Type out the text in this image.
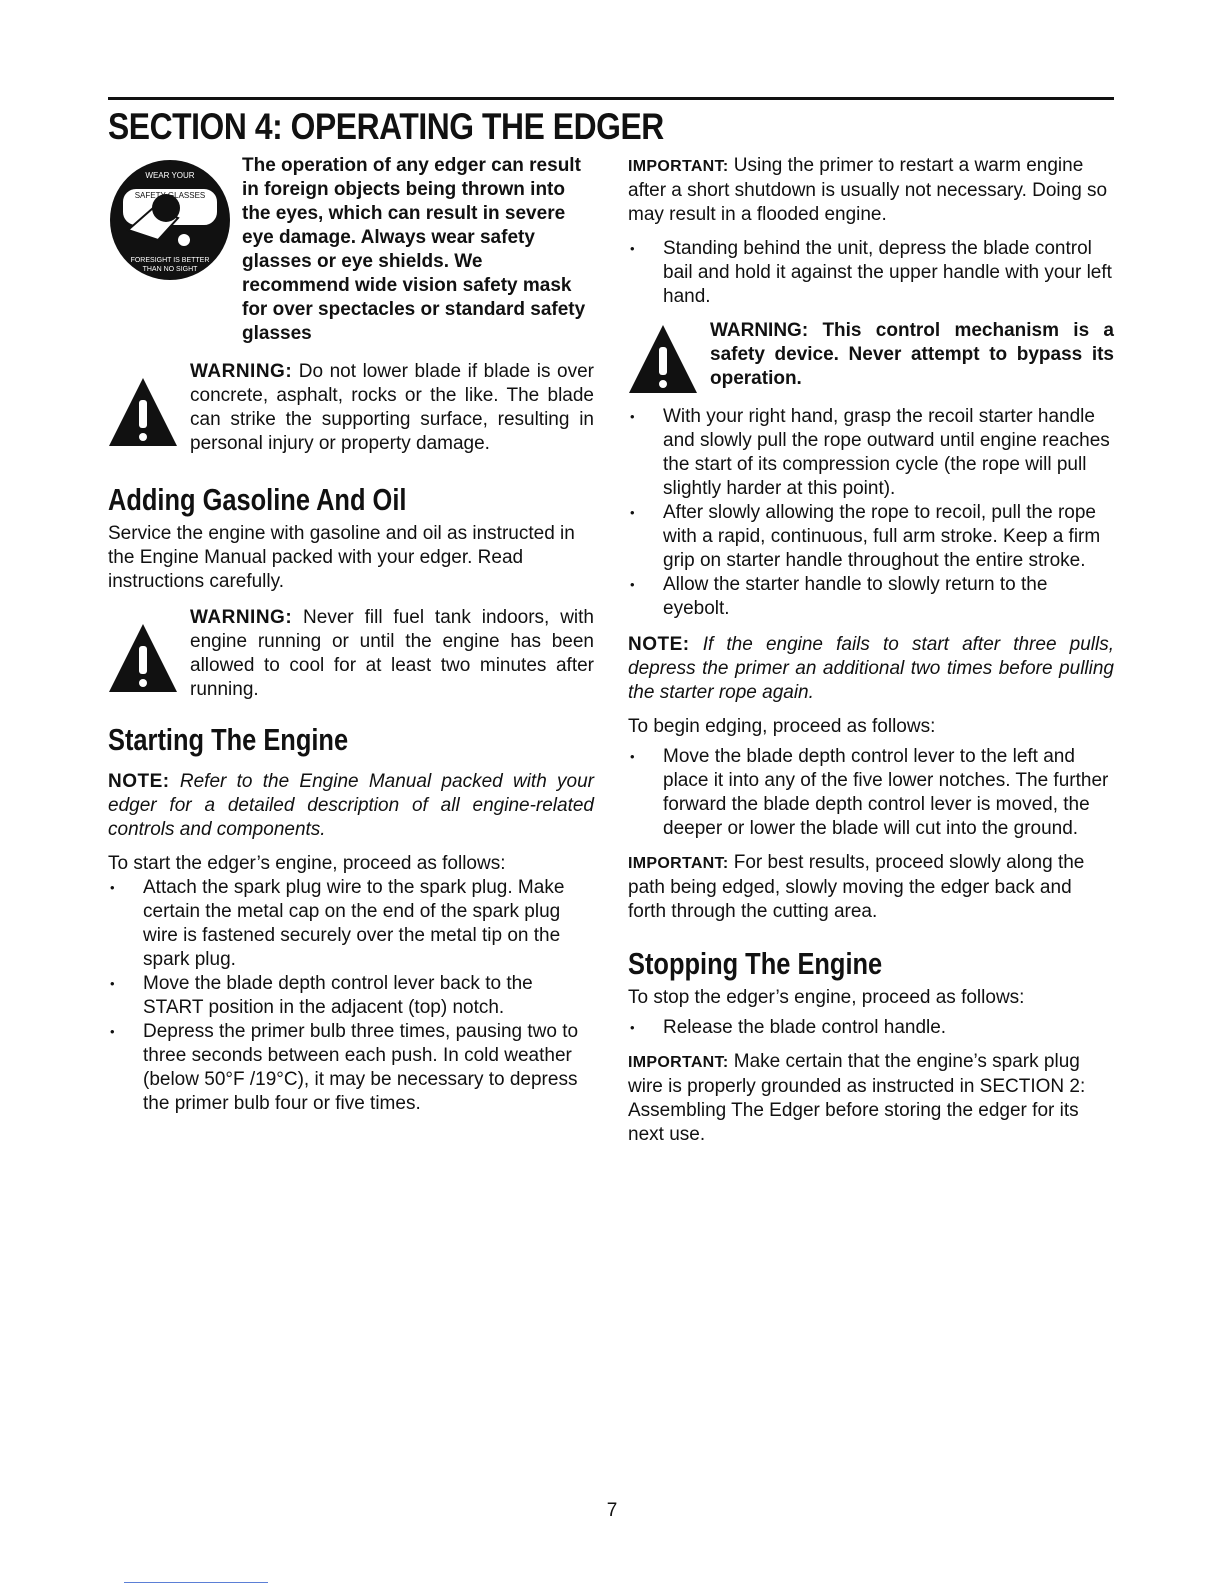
SECTION 4: OPERATING THE EDGER
WEAR YOUR
SAFETY GLASSES
FORESIGHT IS BETTER
THAN NO SIGHT

The operation of any edger can result in foreign objects being thrown into the eyes, which can result in severe eye damage. Always wear safety glasses or eye shields. We recommend wide vision safety mask for over spectacles or standard safety glasses

WARNING: Do not lower blade if blade is over concrete, asphalt, rocks or the like. The blade can strike the supporting surface, resulting in personal injury or property damage.

Adding Gasoline And Oil

Service the engine with gasoline and oil as instructed in the Engine Manual packed with your edger. Read instructions carefully.

WARNING: Never fill fuel tank indoors, with engine running or until the engine has been allowed to cool for at least two minutes after running.

Starting The Engine

NOTE: Refer to the Engine Manual packed with your edger for a detailed description of all engine-related controls and components.

To start the edger’s engine, proceed as follows:

• Attach the spark plug wire to the spark plug. Make certain the metal cap on the end of the spark plug wire is fastened securely over the metal tip on the spark plug.
• Move the blade depth control lever back to the START position in the adjacent (top) notch.
• Depress the primer bulb three times, pausing two to three seconds between each push. In cold weather (below 50°F /19°C), it may be necessary to depress the primer bulb four or five times.

IMPORTANT: Using the primer to restart a warm engine after a short shutdown is usually not necessary. Doing so may result in a flooded engine.

• Standing behind the unit, depress the blade control bail and hold it against the upper handle with your left hand.

WARNING: This control mechanism is a safety device. Never attempt to bypass its operation.

• With your right hand, grasp the recoil starter handle and slowly pull the rope outward until engine reaches the start of its compression cycle (the rope will pull slightly harder at this point).
• After slowly allowing the rope to recoil, pull the rope with a rapid, continuous, full arm stroke. Keep a firm grip on starter handle throughout the entire stroke.
• Allow the starter handle to slowly return to the eyebolt.

NOTE: If the engine fails to start after three pulls, depress the primer an additional two times before pulling the starter rope again.

To begin edging, proceed as follows:

• Move the blade depth control lever to the left and place it into any of the five lower notches. The further forward the blade depth control lever is moved, the deeper or lower the blade will cut into the ground.

IMPORTANT: For best results, proceed slowly along the path being edged, slowly moving the edger back and forth through the cutting area.

Stopping The Engine

To stop the edger’s engine, proceed as follows:

• Release the blade control handle.

IMPORTANT: Make certain that the engine’s spark plug wire is properly grounded as instructed in SECTION 2: Assembling The Edger before storing the edger for its next use.

7
